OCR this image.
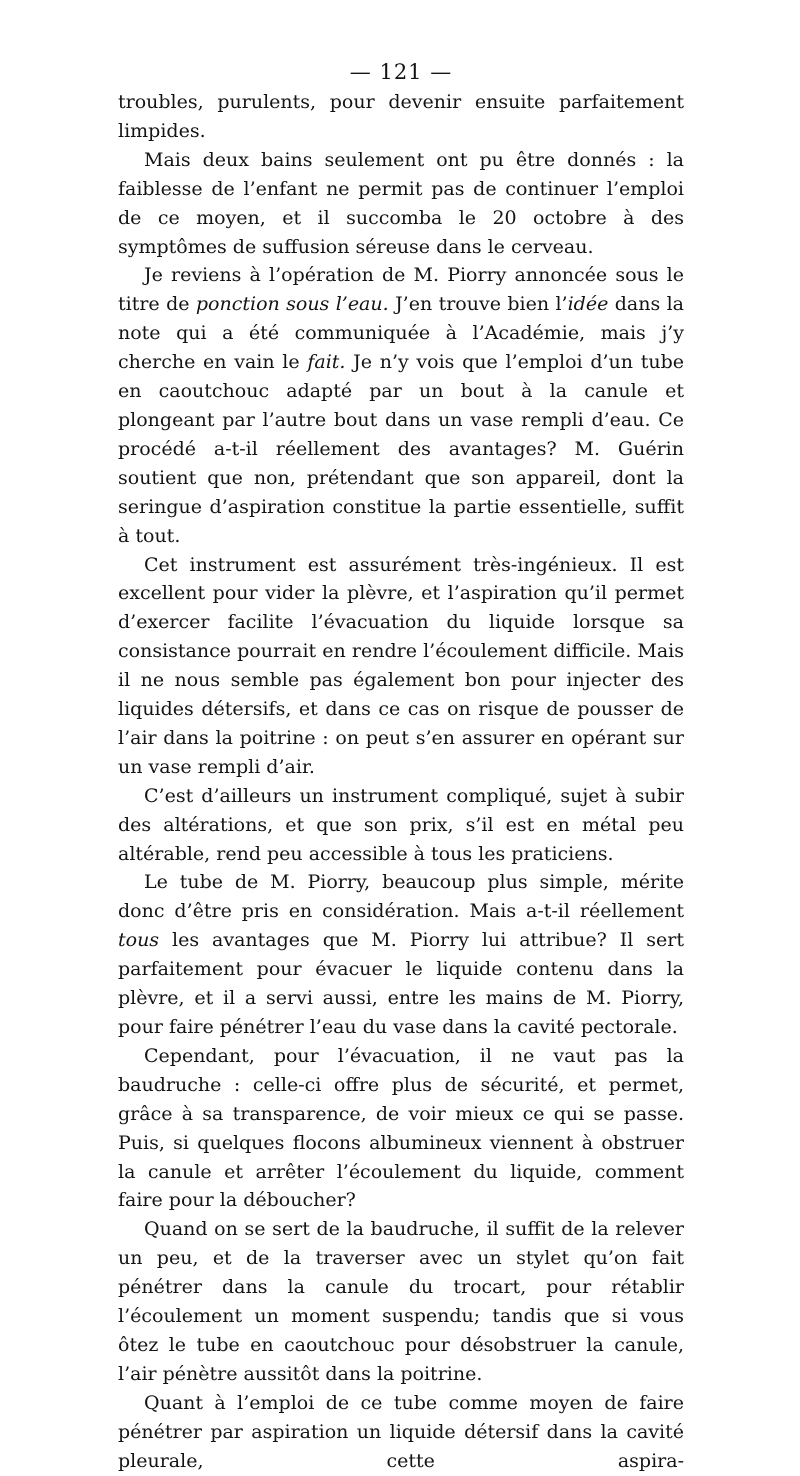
— 121 —

troubles, purulents, pour devenir ensuite parfaitement limpides.

Mais deux bains seulement ont pu être donnés : la faiblesse de l’enfant ne permit pas de continuer l’emploi de ce moyen, et il succomba le 20 octobre à des symptômes de suffusion séreuse dans le cerveau.

Je reviens à l’opération de M. Piorry annoncée sous le titre de ponction sous l’eau. J’en trouve bien l’idée dans la note qui a été communiquée à l’Académie, mais j’y cherche en vain le fait. Je n’y vois que l’emploi d’un tube en caoutchouc adapté par un bout à la canule et plongeant par l’autre bout dans un vase rempli d’eau. Ce procédé a-t-il réellement des avantages? M. Guérin soutient que non, prétendant que son appareil, dont la seringue d’aspiration constitue la partie essentielle, suffit à tout.

Cet instrument est assurément très-ingénieux. Il est excellent pour vider la plèvre, et l’aspiration qu’il permet d’exercer facilite l’évacuation du liquide lorsque sa consistance pourrait en rendre l’écoulement difficile. Mais il ne nous semble pas également bon pour injecter des liquides détersifs, et dans ce cas on risque de pousser de l’air dans la poitrine : on peut s’en assurer en opérant sur un vase rempli d’air.

C’est d’ailleurs un instrument compliqué, sujet à subir des altérations, et que son prix, s’il est en métal peu altérable, rend peu accessible à tous les praticiens.

Le tube de M. Piorry, beaucoup plus simple, mérite donc d’être pris en considération. Mais a-t-il réellement tous les avantages que M. Piorry lui attribue? Il sert parfaitement pour évacuer le liquide contenu dans la plèvre, et il a servi aussi, entre les mains de M. Piorry, pour faire pénétrer l’eau du vase dans la cavité pectorale.

Cependant, pour l’évacuation, il ne vaut pas la baudruche : celle-ci offre plus de sécurité, et permet, grâce à sa transparence, de voir mieux ce qui se passe. Puis, si quelques flocons albumineux viennent à obstruer la canule et arrêter l’écoulement du liquide, comment faire pour la déboucher?

Quand on se sert de la baudruche, il suffit de la relever un peu, et de la traverser avec un stylet qu’on fait pénétrer dans la canule du trocart, pour rétablir l’écoulement un moment suspendu; tandis que si vous ôtez le tube en caoutchouc pour désobstruer la canule, l’air pénètre aussitôt dans la poitrine.

Quant à l’emploi de ce tube comme moyen de faire pénétrer par aspiration un liquide détersif dans la cavité pleurale, cette aspira-
